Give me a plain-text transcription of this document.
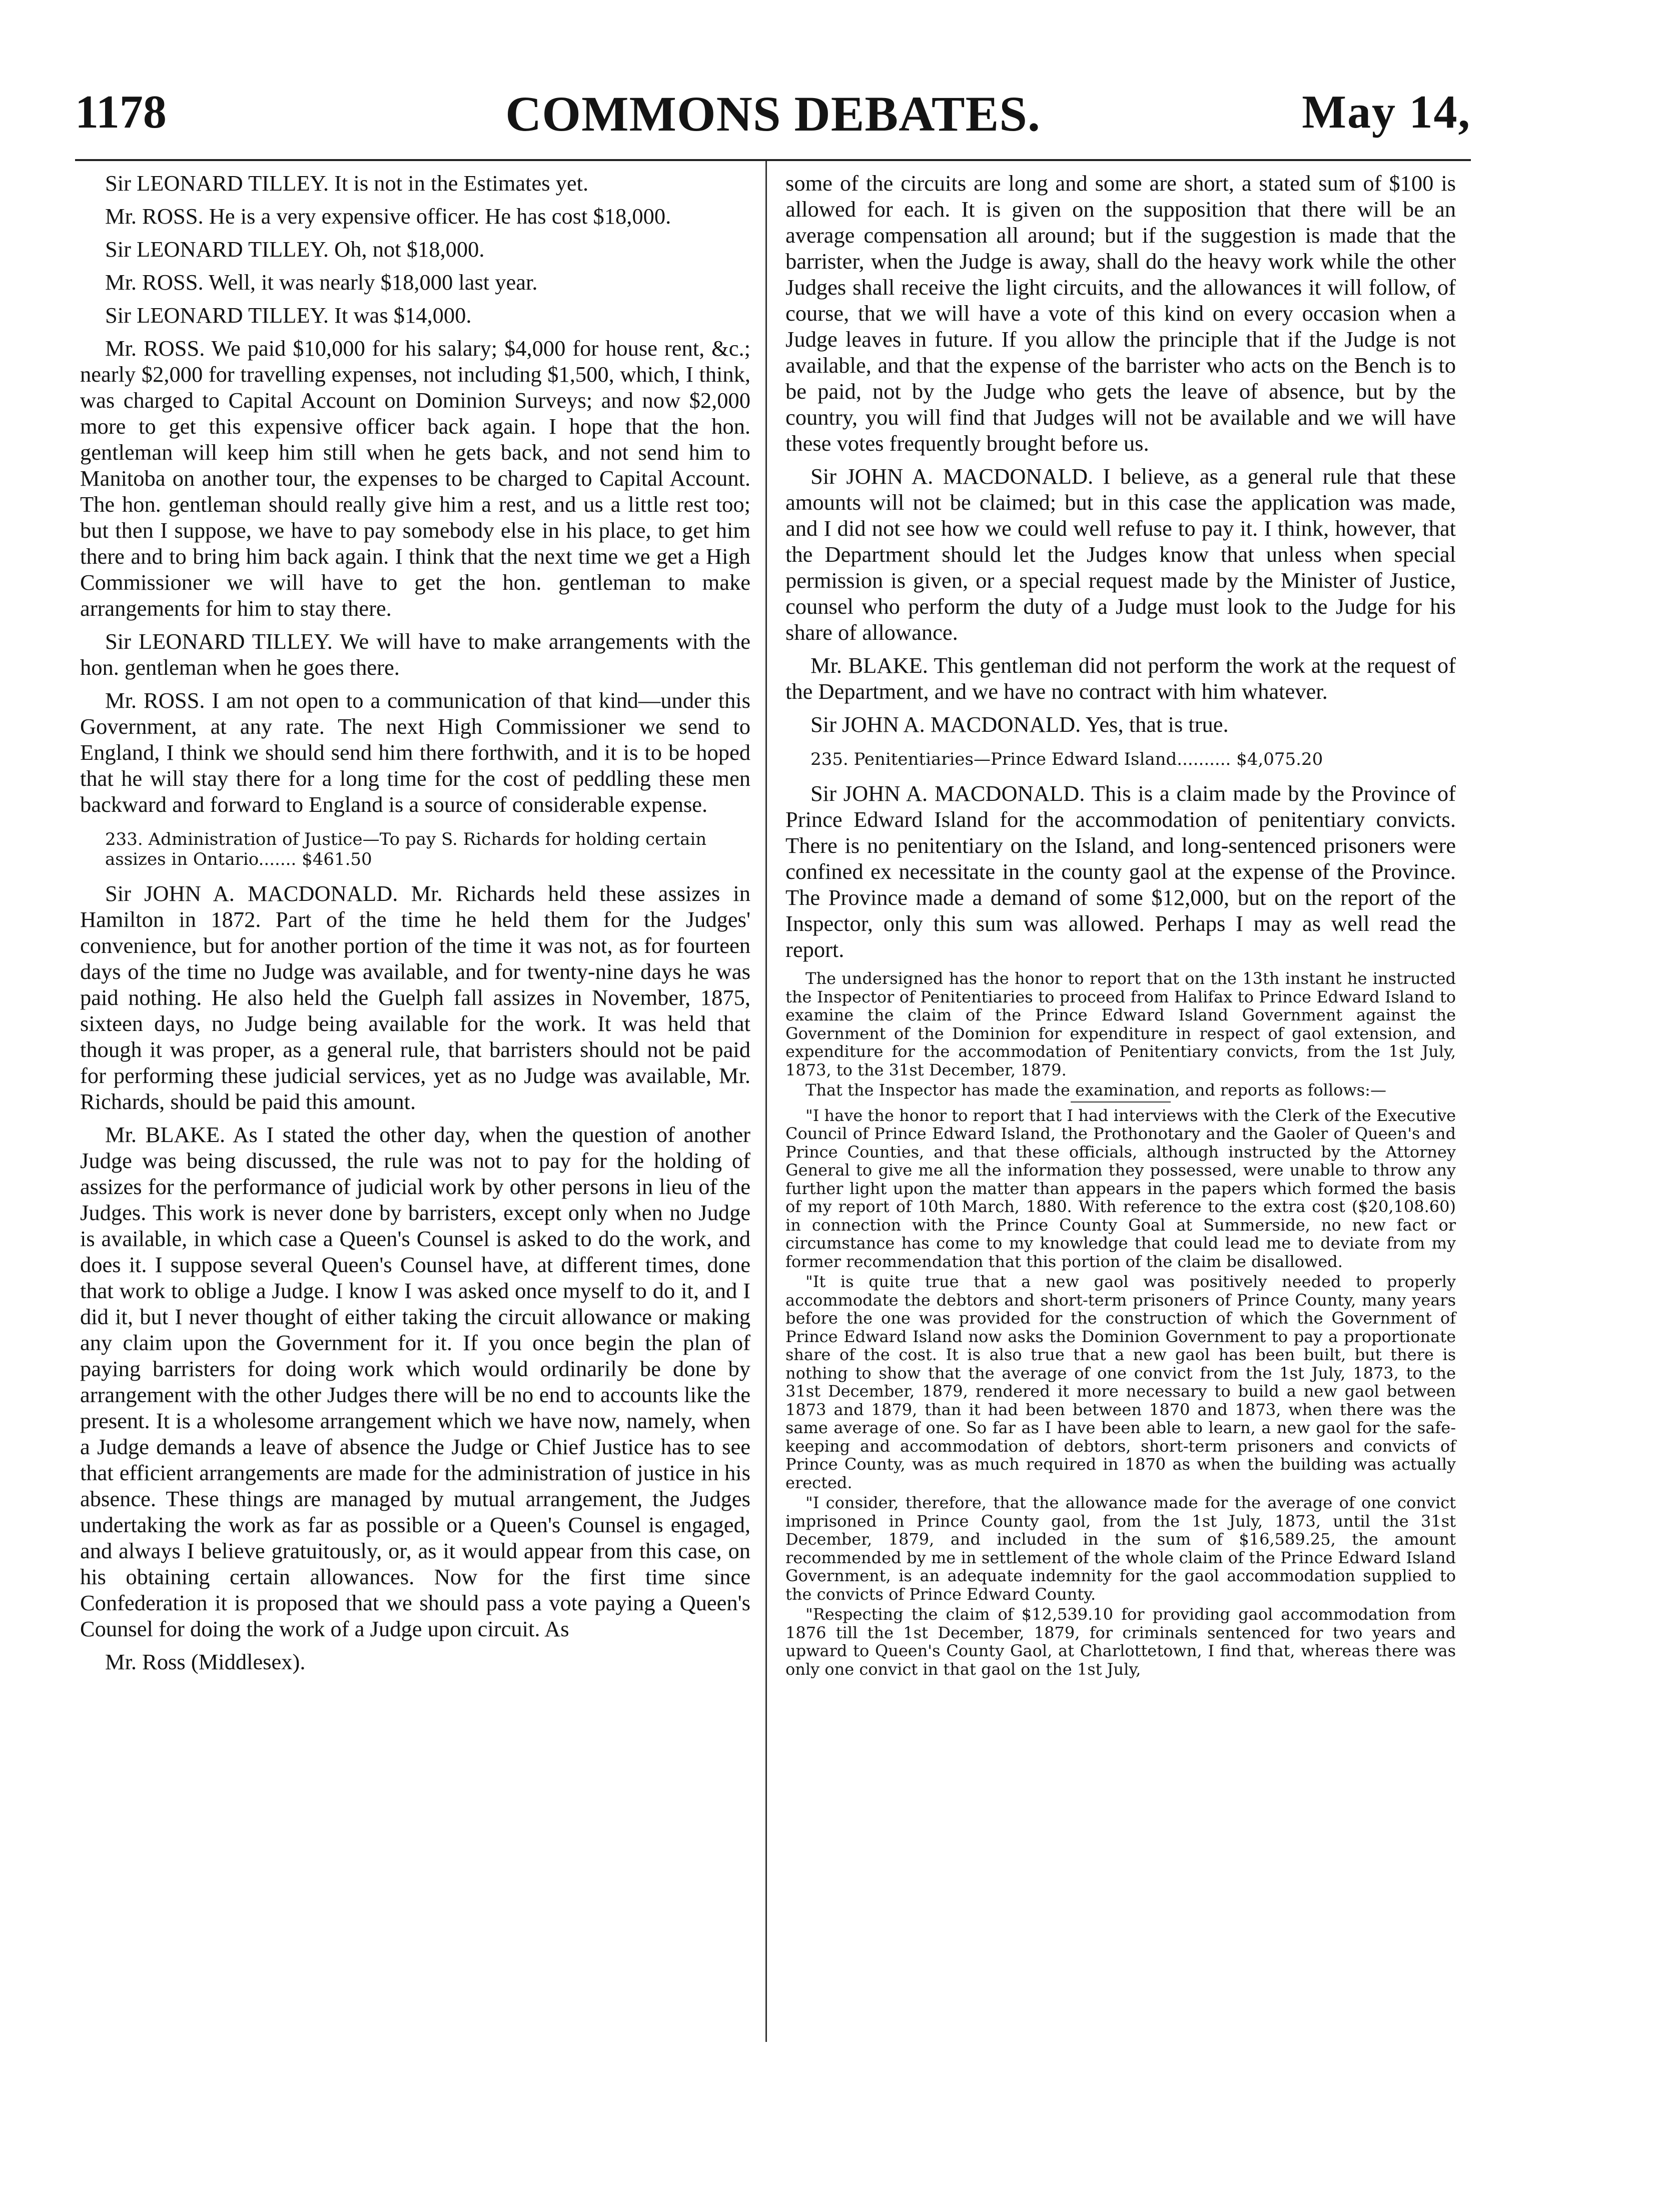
1178	COMMONS DEBATES.	May 14,

Sir LEONARD TILLEY. It is not in the Estimates yet.

Mr. ROSS. He is a very expensive officer. He has cost $18,000.

Sir LEONARD TILLEY. Oh, not $18,000.

Mr. ROSS. Well, it was nearly $18,000 last year.

Sir LEONARD TILLEY. It was $14,000.

Mr. ROSS. We paid $10,000 for his salary; $4,000 for house rent, &c.; nearly $2,000 for travelling expenses, not including $1,500, which, I think, was charged to Capital Account on Dominion Surveys; and now $2,000 more to get this expensive officer back again. I hope that the hon. gentleman will keep him still when he gets back, and not send him to Manitoba on another tour, the expenses to be charged to Capital Account. The hon. gentleman should really give him a rest, and us a little rest too; but then I suppose, we have to pay somebody else in his place, to get him there and to bring him back again. I think that the next time we get a High Commissioner we will have to get the hon. gentleman to make arrangements for him to stay there.

Sir LEONARD TILLEY. We will have to make arrangements with the hon. gentleman when he goes there.

Mr. ROSS. I am not open to a communication of that kind—under this Government, at any rate. The next High Commissioner we send to England, I think we should send him there forthwith, and it is to be hoped that he will stay there for a long time for the cost of peddling these men backward and forward to England is a source of considerable expense.

233. Administration of Justice—To pay S. Richards for holding certain assizes in Ontario....... $461.50

Sir JOHN A. MACDONALD. Mr. Richards held these assizes in Hamilton in 1872. Part of the time he held them for the Judges' convenience, but for another portion of the time it was not, as for fourteen days of the time no Judge was available, and for twenty-nine days he was paid nothing. He also held the Guelph fall assizes in November, 1875, sixteen days, no Judge being available for the work. It was held that though it was proper, as a general rule, that barristers should not be paid for performing these judicial services, yet as no Judge was available, Mr. Richards, should be paid this amount.

Mr. BLAKE. As I stated the other day, when the question of another Judge was being discussed, the rule was not to pay for the holding of assizes for the performance of judicial work by other persons in lieu of the Judges. This work is never done by barristers, except only when no Judge is available, in which case a Queen's Counsel is asked to do the work, and does it. I suppose several Queen's Counsel have, at different times, done that work to oblige a Judge. I know I was asked once myself to do it, and I did it, but I never thought of either taking the circuit allowance or making any claim upon the Government for it. If you once begin the plan of paying barristers for doing work which would ordinarily be done by arrangement with the other Judges there will be no end to accounts like the present. It is a wholesome arrangement which we have now, namely, when a Judge demands a leave of absence the Judge or Chief Justice has to see that efficient arrangements are made for the administration of justice in his absence. These things are managed by mutual arrangement, the Judges undertaking the work as far as possible or a Queen's Counsel is engaged, and always I believe gratuitously, or, as it would appear from this case, on his obtaining certain allowances. Now for the first time since Confederation it is proposed that we should pass a vote paying a Queen's Counsel for doing the work of a Judge upon circuit. As

Mr. Ross (Middlesex).

some of the circuits are long and some are short, a stated sum of $100 is allowed for each. It is given on the supposition that there will be an average compensation all around; but if the suggestion is made that the barrister, when the Judge is away, shall do the heavy work while the other Judges shall receive the light circuits, and the allowances it will follow, of course, that we will have a vote of this kind on every occasion when a Judge leaves in future. If you allow the principle that if the Judge is not available, and that the expense of the barrister who acts on the Bench is to be paid, not by the Judge who gets the leave of absence, but by the country, you will find that Judges will not be available and we will have these votes frequently brought before us.

Sir JOHN A. MACDONALD. I believe, as a general rule that these amounts will not be claimed; but in this case the application was made, and I did not see how we could well refuse to pay it. I think, however, that the Department should let the Judges know that unless when special permission is given, or a special request made by the Minister of Justice, counsel who perform the duty of a Judge must look to the Judge for his share of allowance.

Mr. BLAKE. This gentleman did not perform the work at the request of the Department, and we have no contract with him whatever.

Sir JOHN A. MACDONALD. Yes, that is true.

235. Penitentiaries—Prince Edward Island.......... $4,075.20

Sir JOHN A. MACDONALD. This is a claim made by the Province of Prince Edward Island for the accommodation of penitentiary convicts. There is no penitentiary on the Island, and long-sentenced prisoners were confined ex necessitate in the county gaol at the expense of the Province. The Province made a demand of some $12,000, but on the report of the Inspector, only this sum was allowed. Perhaps I may as well read the report.

The undersigned has the honor to report that on the 13th instant he instructed the Inspector of Penitentiaries to proceed from Halifax to Prince Edward Island to examine the claim of the Prince Edward Island Government against the Government of the Dominion for expenditure in respect of gaol extension, and expenditure for the accommodation of Penitentiary convicts, from the 1st July, 1873, to the 31st December, 1879.

That the Inspector has made the examination, and reports as follows:—

"I have the honor to report that I had interviews with the Clerk of the Executive Council of Prince Edward Island, the Prothonotary and the Gaoler of Queen's and Prince Counties, and that these officials, although instructed by the Attorney General to give me all the information they possessed, were unable to throw any further light upon the matter than appears in the papers which formed the basis of my report of 10th March, 1880. With reference to the extra cost ($20,108.60) in connection with the Prince County Goal at Summerside, no new fact or circumstance has come to my knowledge that could lead me to deviate from my former recommendation that this portion of the claim be disallowed.

"It is quite true that a new gaol was positively needed to properly accommodate the debtors and short-term prisoners of Prince County, many years before the one was provided for the construction of which the Government of Prince Edward Island now asks the Dominion Government to pay a proportionate share of the cost. It is also true that a new gaol has been built, but there is nothing to show that the average of one convict from the 1st July, 1873, to the 31st December, 1879, rendered it more necessary to build a new gaol between 1873 and 1879, than it had been between 1870 and 1873, when there was the same average of one. So far as I have been able to learn, a new gaol for the safe-keeping and accommodation of debtors, short-term prisoners and convicts of Prince County, was as much required in 1870 as when the building was actually erected.

"I consider, therefore, that the allowance made for the average of one convict imprisoned in Prince County gaol, from the 1st July, 1873, until the 31st December, 1879, and included in the sum of $16,589.25, the amount recommended by me in settlement of the whole claim of the Prince Edward Island Government, is an adequate indemnity for the gaol accommodation supplied to the convicts of Prince Edward County.

"Respecting the claim of $12,539.10 for providing gaol accommodation from 1876 till the 1st December, 1879, for criminals sentenced for two years and upward to Queen's County Gaol, at Charlottetown, I find that, whereas there was only one convict in that gaol on the 1st July,
